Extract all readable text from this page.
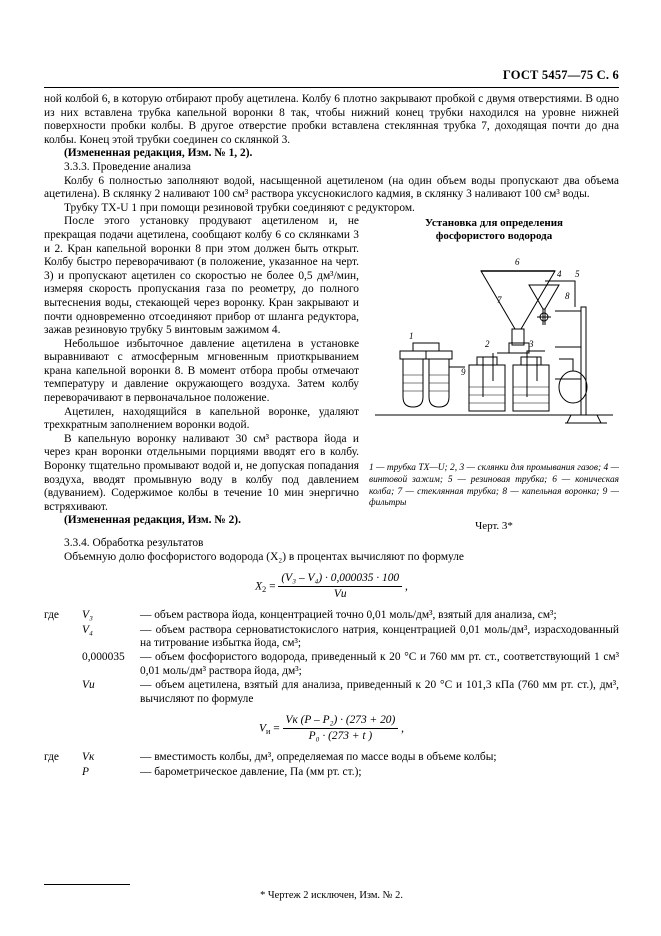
ГОСТ 5457—75 С. 6

ной колбой 6, в которую отбирают пробу ацетилена. Колбу 6 плотно закрывают пробкой с двумя отверстиями. В одно из них вставлена трубка капельной воронки 8 так, чтобы нижний конец трубки находился на уровне нижней поверхности пробки колбы. В другое отверстие пробки вставлена стеклянная трубка 7, доходящая почти до дна колбы. Конец этой трубки соединен со склянкой 3.

(Измененная редакция, Изм. № 1, 2).

3.3.3. Проведение анализа

Колбу 6 полностью заполняют водой, насыщенной ацетиленом (на один объем воды пропускают два объема ацетилена). В склянку 2 наливают 100 см³ раствора уксуснокислого кадмия, в склянку 3 наливают 100 см³ воды.

Трубку ТХ-U 1 при помощи резиновой трубки соединяют с редуктором.

Установка для определения
фосфористого водорода
1
2	3
4 5
6
7	8
9
1 — трубка ТХ—U; 2, 3 — склянки для промывания газов; 4 — винтовой зажим; 5 — резиновая трубка; 6 — коническая колба; 7 — стеклянная трубка; 8 — капельная воронка; 9 — фильтры
Черт. 3*

После этого установку продувают ацетиленом и, не прекращая подачи ацетилена, сообщают колбу 6 со склянками 3 и 2. Кран капельной воронки 8 при этом должен быть открыт. Колбу быстро переворачивают (в положение, указанное на черт. 3) и пропускают ацетилен со скоростью не более 0,5 дм³/мин, измеряя скорость пропускания газа по реометру, до полного вытеснения воды, стекающей через воронку. Кран закрывают и почти одновременно отсоединяют прибор от шланга редуктора, зажав резиновую трубку 5 винтовым зажимом 4.

Небольшое избыточное давление ацетилена в установке выравнивают с атмосферным мгновенным приоткрыванием крана капельной воронки 8. В момент отбора пробы отмечают температуру и давление окружающего воздуха. Затем колбу переворачивают в первоначальное положение.

Ацетилен, находящийся в капельной воронке, удаляют трехкратным заполнением воронки водой.

В капельную воронку наливают 30 см³ раствора йода и через кран воронки отдельными порциями вводят его в колбу. Воронку тщательно промывают водой и, не допуская попадания воздуха, вводят промывную воду в колбу под давлением (вдуванием). Содержимое колбы в течение 10 мин энергично встряхивают.

(Измененная редакция, Изм. № 2).

3.3.4. Обработка результатов

Объемную долю фосфористого водорода (X₂) в процентах вычисляют по формуле

$X_2 = \frac{\text{(V₃ – V₄) · 0,000035 · 100}}{Vи}$ ,
где	V₃	— объем раствора йода, концентрацией точно 0,01 моль/дм³, взятый для анализа, см³;
	V₄	— объем раствора серноватистокислого натрия, концентрацией 0,01 моль/дм³, израсходованный на титрование избытка йода, см³;
	0,000035	— объем фосфористого водорода, приведенный к 20 °С и 760 мм рт. ст., соответствующий 1 см³ 0,01 моль/дм³ раствора йода, дм³;
	Vи	— объем ацетилена, взятый для анализа, приведенный к 20 °С и 101,3 кПа (760 мм рт. ст.), дм³, вычисляют по формуле
$V_и = \frac{\text{Vк (P – P₂) · (273 + 20)}}{\text{P₀ · (273 + t )}}$ ,
где	Vк	— вместимость колбы, дм³, определяемая по массе воды в объеме колбы;
	P	— барометрическое давление, Па (мм рт. ст.);
* Чертеж 2 исключен, Изм. № 2.
